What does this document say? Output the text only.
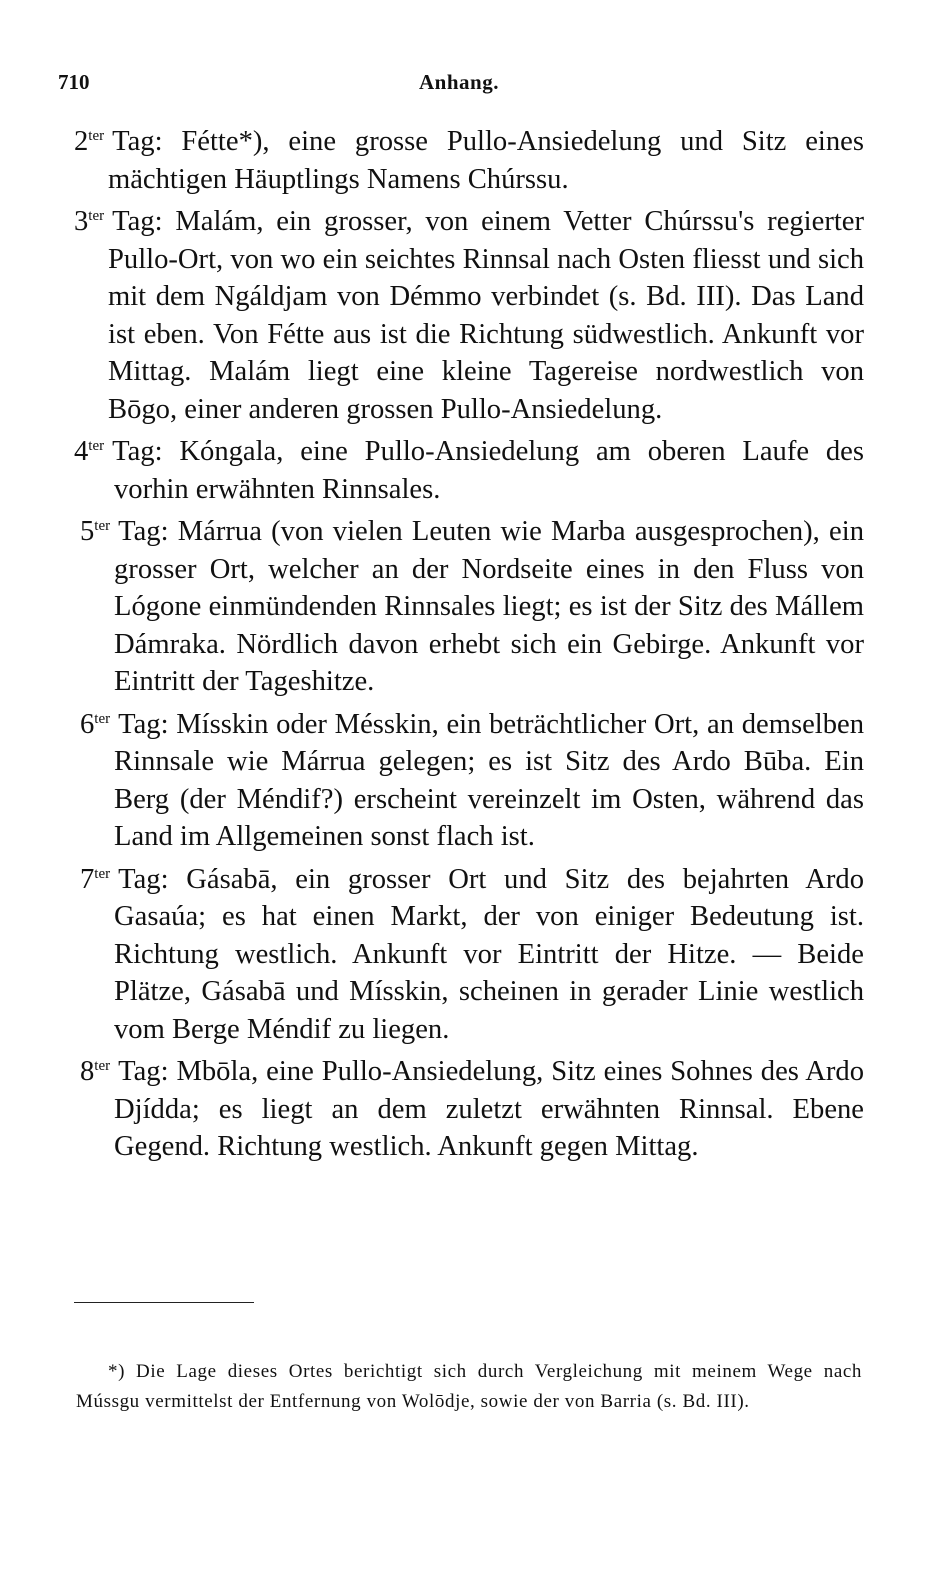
710	Anhang.

$2^{ter}$ Tag: Fétte*), eine grosse Pullo-Ansiedelung und Sitz eines mächtigen Häuptlings Namens Chúrssu.

$3^{ter}$ Tag: Malám, ein grosser, von einem Vetter Chúrssu's regierter Pullo-Ort, von wo ein seichtes Rinnsal nach Osten fliesst und sich mit dem Ngáldjam von Démmo verbindet (s. Bd. III). Das Land ist eben. Von Fétte aus ist die Richtung südwestlich. Ankunft vor Mittag. Malám liegt eine kleine Tagereise nordwestlich von Bōgo, einer anderen grossen Pullo-Ansiedelung.

$4^{ter}$ Tag: Kóngala, eine Pullo-Ansiedelung am oberen Laufe des vorhin erwähnten Rinnsales.

$5^{ter}$ Tag: Márrua (von vielen Leuten wie Marba ausgesprochen), ein grosser Ort, welcher an der Nordseite eines in den Fluss von Lógone einmündenden Rinnsales liegt; es ist der Sitz des Mállem Dámraka. Nördlich davon erhebt sich ein Gebirge. Ankunft vor Eintritt der Tageshitze.

$6^{ter}$ Tag: Mísskin oder Mésskin, ein beträchtlicher Ort, an demselben Rinnsale wie Márrua gelegen; es ist Sitz des Ardo Būba. Ein Berg (der Méndif?) erscheint vereinzelt im Osten, während das Land im Allgemeinen sonst flach ist.

$7^{ter}$ Tag: Gásabā, ein grosser Ort und Sitz des bejahrten Ardo Gasaúa; es hat einen Markt, der von einiger Bedeutung ist. Richtung westlich. Ankunft vor Eintritt der Hitze. — Beide Plätze, Gásabā und Mísskin, scheinen in gerader Linie westlich vom Berge Méndif zu liegen.

$8^{ter}$ Tag: Mbōla, eine Pullo-Ansiedelung, Sitz eines Sohnes des Ardo Djídda; es liegt an dem zuletzt erwähnten Rinnsal. Ebene Gegend. Richtung westlich. Ankunft gegen Mittag.

*) Die Lage dieses Ortes berichtigt sich durch Vergleichung mit meinem Wege nach Mússgu vermittelst der Entfernung von Wolōdje, sowie der von Barria (s. Bd. III).
